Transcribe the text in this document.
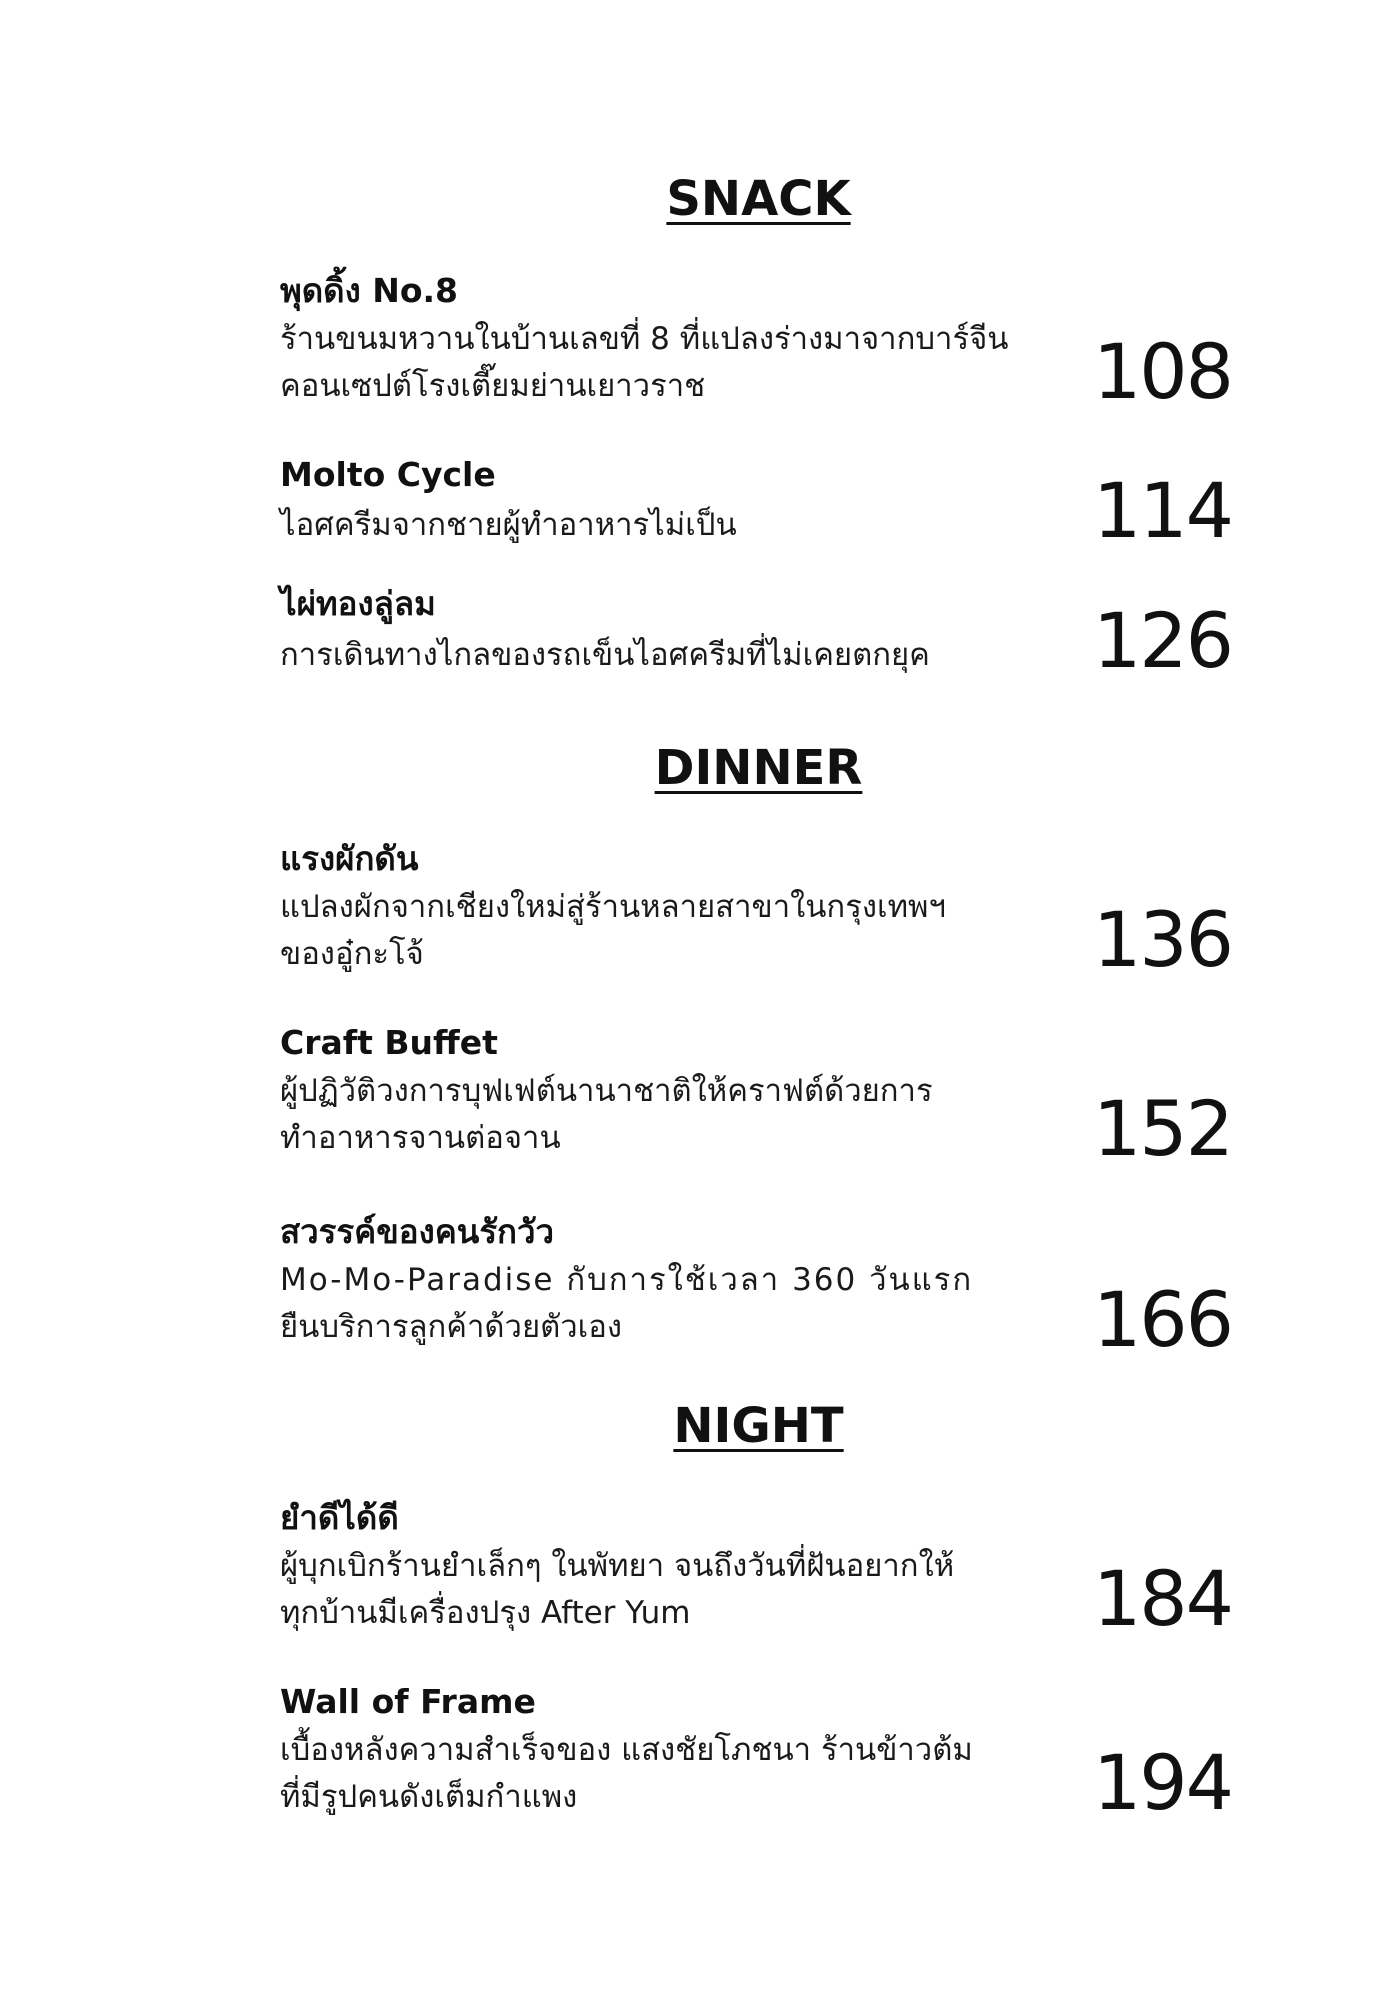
SNACK
พุดดิ้ง No.8
ร้านขนมหวานในบ้านเลขที่ 8 ที่แปลงร่างมาจากบาร์จีน
คอนเซปต์โรงเตี๊ยมย่านเยาวราช	108
Molto Cycle
ไอศครีมจากชายผู้ทำอาหารไม่เป็น	114
ไผ่ทองลู่ลม
การเดินทางไกลของรถเข็นไอศครีมที่ไม่เคยตกยุค	126
DINNER
แรงผักดัน
แปลงผักจากเชียงใหม่สู่ร้านหลายสาขาในกรุงเทพฯ
ของอู๋กะโจ้	136
Craft Buffet
ผู้ปฏิวัติวงการบุฟเฟต์นานาชาติให้คราฟต์ด้วยการ
ทำอาหารจานต่อจาน	152
สวรรค์ของคนรักวัว
Mo-Mo-Paradise กับการใช้เวลา 360 วันแรก
ยืนบริการลูกค้าด้วยตัวเอง	166
NIGHT
ยำดีได้ดี
ผู้บุกเบิกร้านยำเล็กๆ ในพัทยา จนถึงวันที่ฝันอยากให้
ทุกบ้านมีเครื่องปรุง After Yum	184
Wall of Frame
เบื้องหลังความสำเร็จของ แสงชัยโภชนา ร้านข้าวต้ม
ที่มีรูปคนดังเต็มกำแพง	194
